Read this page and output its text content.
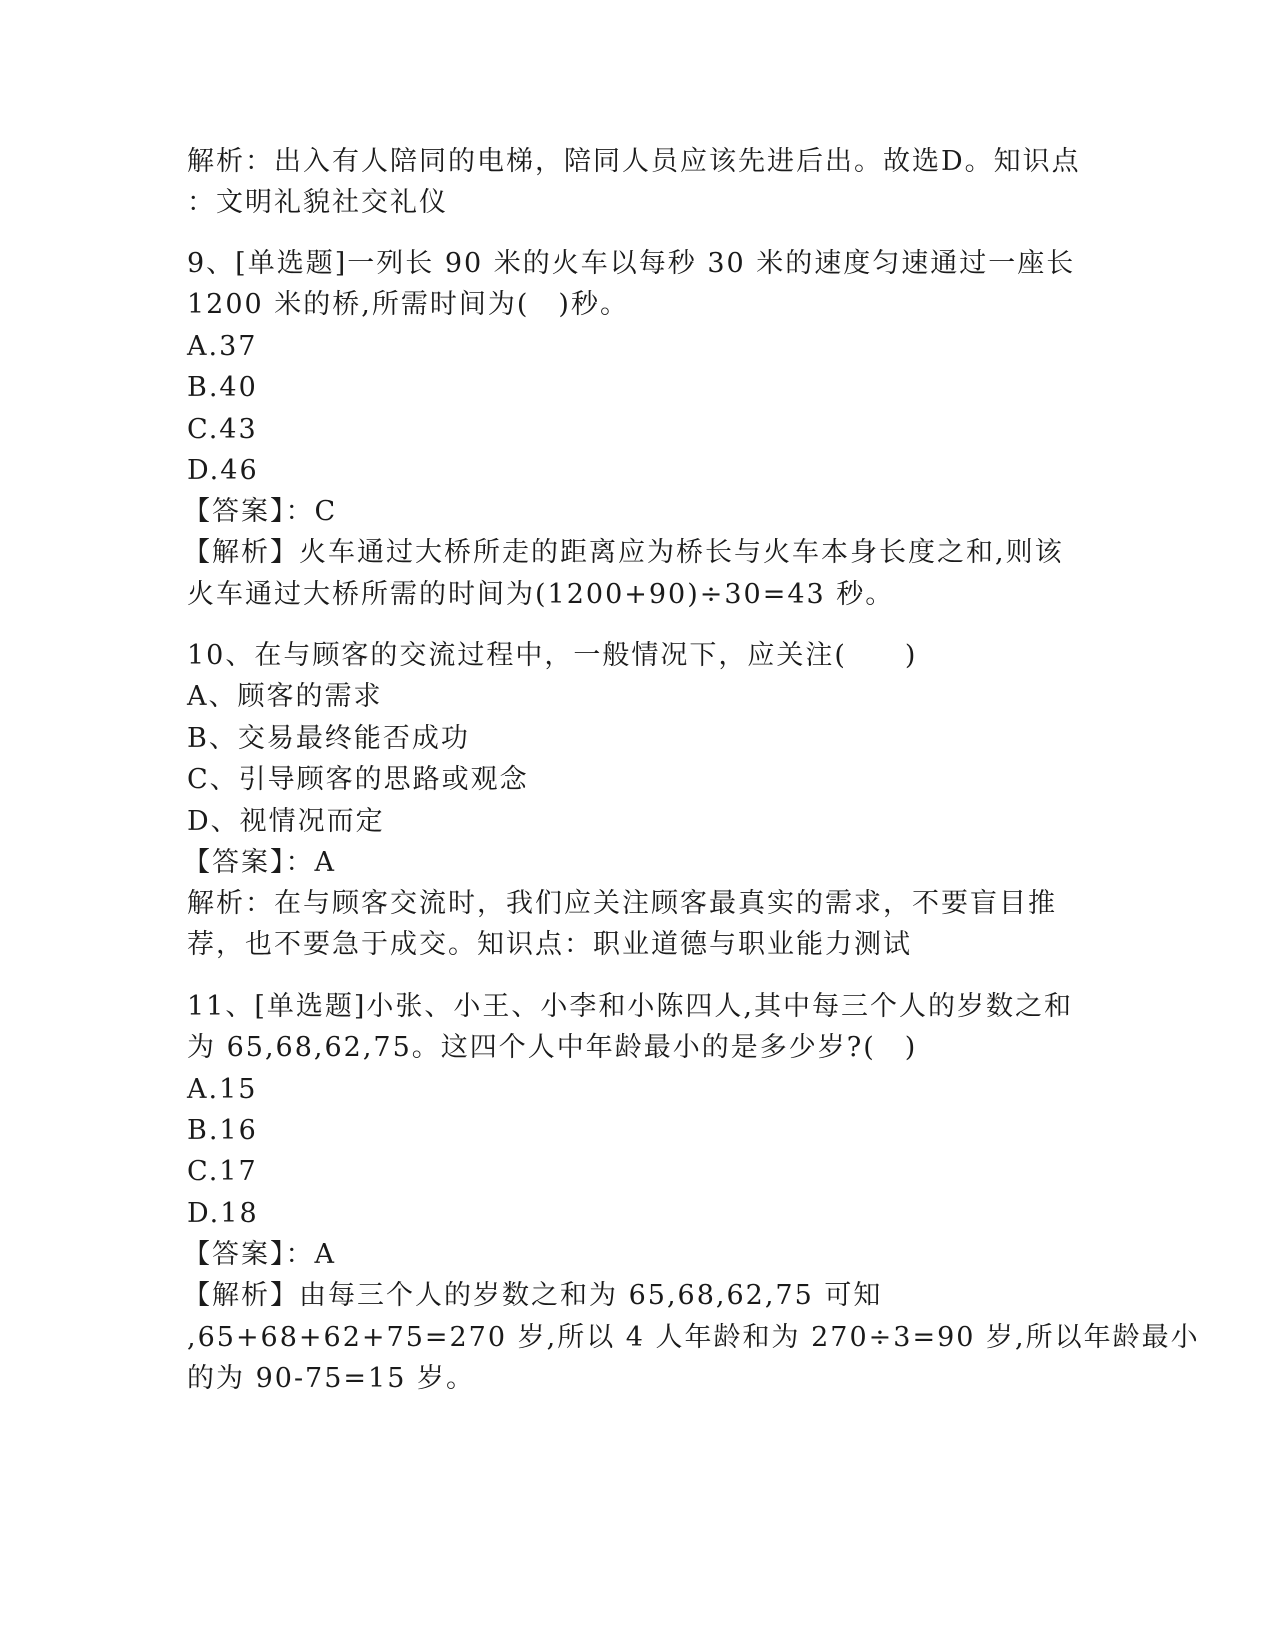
解析：出入有人陪同的电梯，陪同人员应该先进后出。故选D。知识点
：文明礼貌社交礼仪
9、[单选题]一列长 90 米的火车以每秒 30 米的速度匀速通过一座长
1200 米的桥,所需时间为(　)秒。
A.37
B.40
C.43
D.46
【答案】：C
【解析】火车通过大桥所走的距离应为桥长与火车本身长度之和,则该
火车通过大桥所需的时间为(1200+90)÷30=43 秒。
10、在与顾客的交流过程中，一般情况下，应关注(　　)
A、顾客的需求
B、交易最终能否成功
C、引导顾客的思路或观念
D、视情况而定
【答案】：A
解析：在与顾客交流时，我们应关注顾客最真实的需求，不要盲目推
荐，也不要急于成交。知识点：职业道德与职业能力测试
11、[单选题]小张、小王、小李和小陈四人,其中每三个人的岁数之和
为 65,68,62,75。这四个人中年龄最小的是多少岁?(　)
A.15
B.16
C.17
D.18
【答案】：A
【解析】由每三个人的岁数之和为 65,68,62,75 可知
,65+68+62+75=270 岁,所以 4 人年龄和为 270÷3=90 岁,所以年龄最小
的为 90-75=15 岁。
